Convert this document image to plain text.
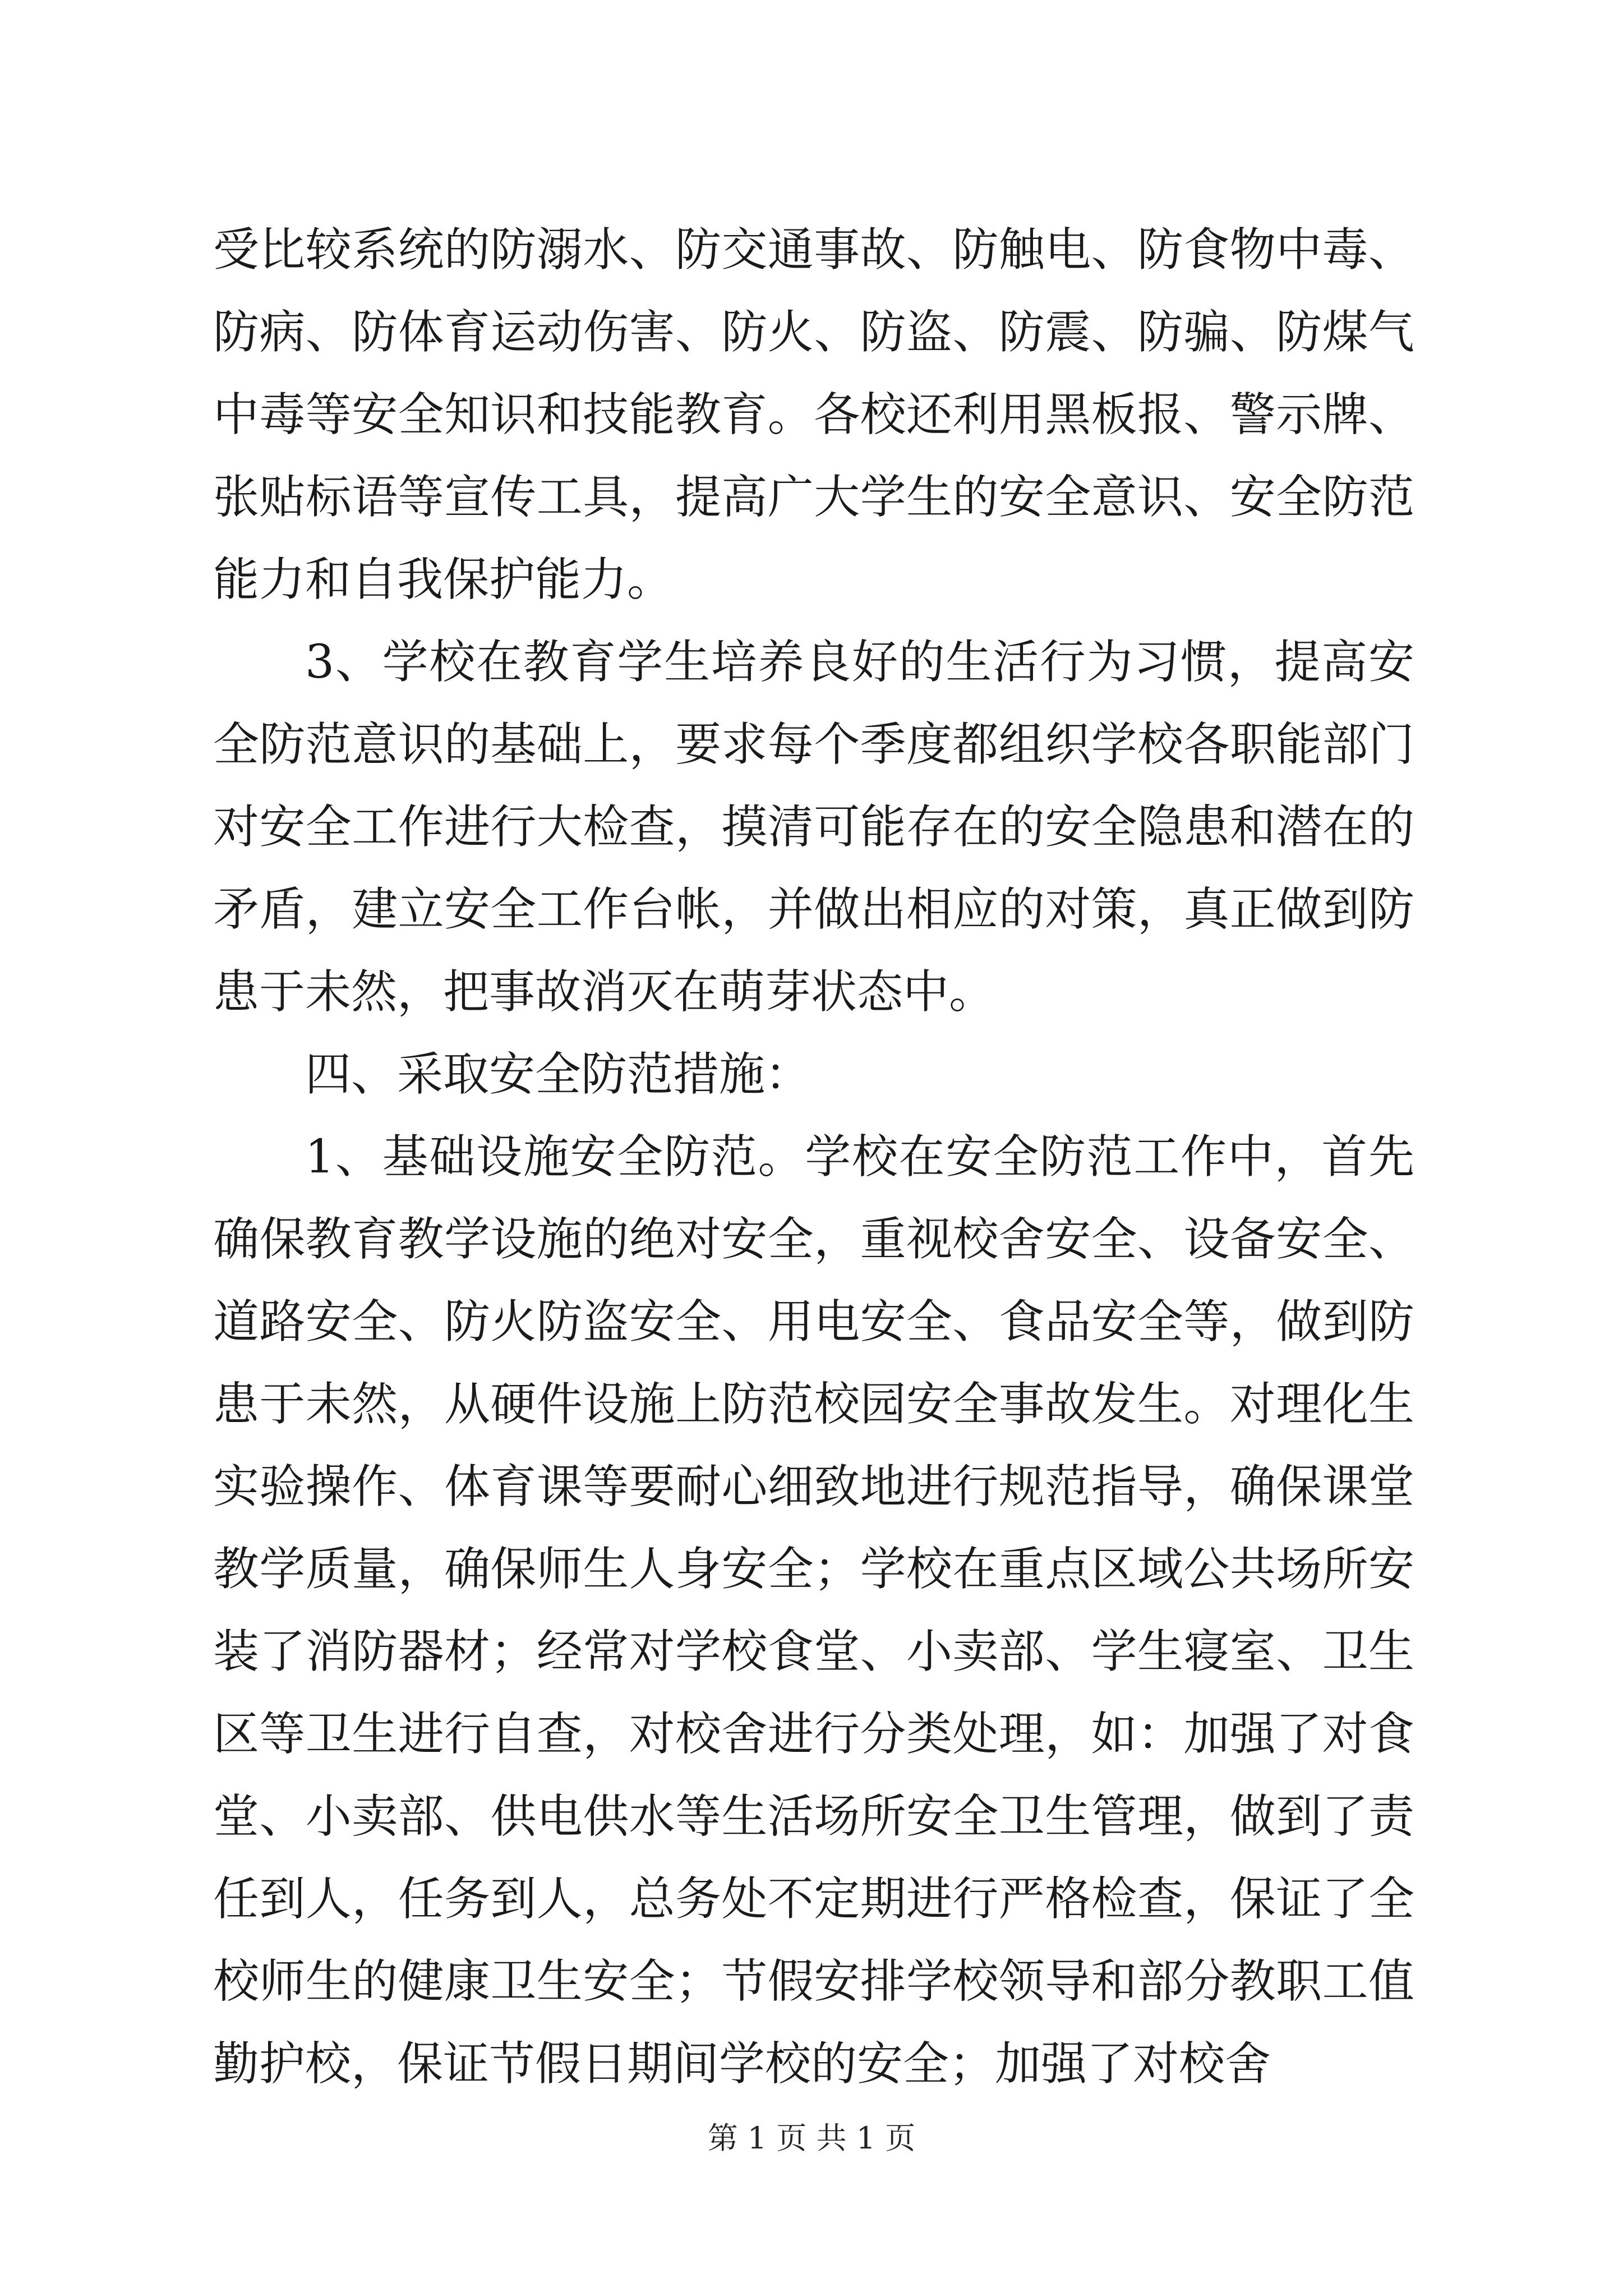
受比较系统的防溺水、防交通事故、防触电、防食物中毒、防病、防体育运动伤害、防火、防盗、防震、防骗、防煤气中毒等安全知识和技能教育。各校还利用黑板报、警示牌、张贴标语等宣传工具，提高广大学生的安全意识、安全防范能力和自我保护能力。

3、学校在教育学生培养良好的生活行为习惯，提高安全防范意识的基础上，要求每个季度都组织学校各职能部门对安全工作进行大检查，摸清可能存在的安全隐患和潜在的矛盾，建立安全工作台帐，并做出相应的对策，真正做到防患于未然，把事故消灭在萌芽状态中。

四、采取安全防范措施：

1、基础设施安全防范。学校在安全防范工作中，首先确保教育教学设施的绝对安全，重视校舍安全、设备安全、道路安全、防火防盗安全、用电安全、食品安全等，做到防患于未然，从硬件设施上防范校园安全事故发生。对理化生实验操作、体育课等要耐心细致地进行规范指导，确保课堂教学质量，确保师生人身安全；学校在重点区域公共场所安装了消防器材；经常对学校食堂、小卖部、学生寝室、卫生区等卫生进行自查，对校舍进行分类处理，如：加强了对食堂、小卖部、供电供水等生活场所安全卫生管理，做到了责任到人，任务到人，总务处不定期进行严格检查，保证了全校师生的健康卫生安全；节假安排学校领导和部分教职工值勤护校，保证节假日期间学校的安全；加强了对校舍

第 1 页 共 1 页
